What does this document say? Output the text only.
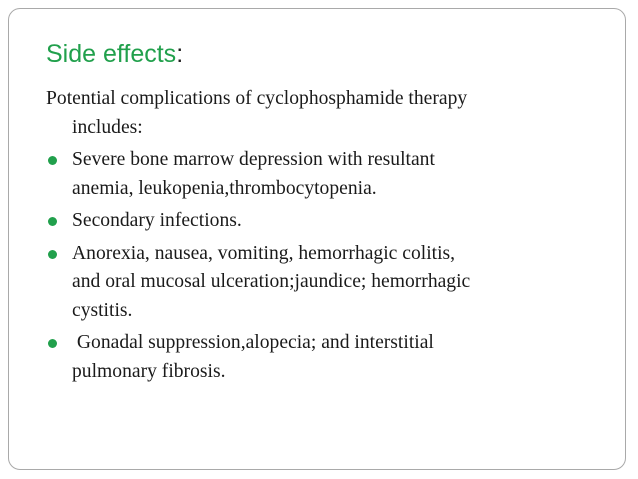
Side effects:

Potential complications of cyclophosphamide therapy
includes:

Severe bone marrow depression with resultant
anemia, leukopenia,thrombocytopenia.
Secondary infections.
Anorexia, nausea, vomiting, hemorrhagic colitis,
and oral mucosal ulceration;jaundice; hemorrhagic
cystitis.
Gonadal suppression,alopecia; and interstitial
pulmonary fibrosis.
